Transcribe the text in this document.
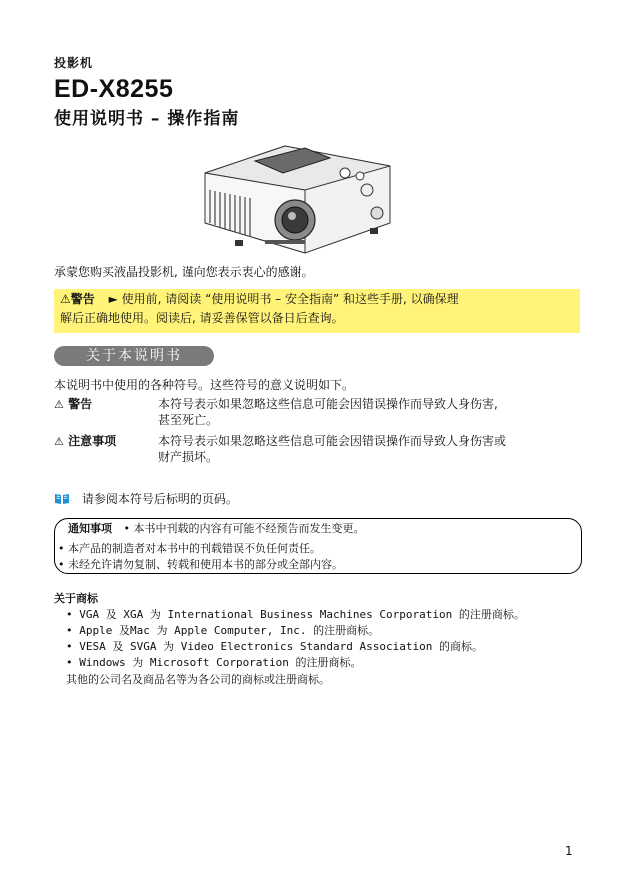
投影机
ED-X8255
使用说明书 – 操作指南
承蒙您购买液晶投影机, 谨向您表示衷心的感谢。
⚠警告 ► 使用前, 请阅读 “使用说明书 – 安全指南” 和这些手册, 以确保理
解后正确地使用。阅读后, 请妥善保管以备日后查询。
关于本说明书
本说明书中使用的各种符号。这些符号的意义说明如下。
⚠ 警告	本符号表示如果忽略这些信息可能会因错误操作而导致人身伤害,
甚至死亡。
⚠ 注意事项	本符号表示如果忽略这些信息可能会因错误操作而导致人身伤害或
财产损坏。
请参阅本符号后标明的页码。
通知事项 • 本书中刊载的内容有可能不经预告而发生变更。
• 本产品的制造者对本书中的刊载错误不负任何责任。
• 未经允许请勿复制、转载和使用本书的部分或全部内容。
关于商标
• VGA 及 XGA 为 International Business Machines Corporation 的注册商标。
• Apple 及Mac 为 Apple Computer, Inc. 的注册商标。
• VESA 及 SVGA 为 Video Electronics Standard Association 的商标。
• Windows 为 Microsoft Corporation 的注册商标。
其他的公司名及商品名等为各公司的商标或注册商标。
1
